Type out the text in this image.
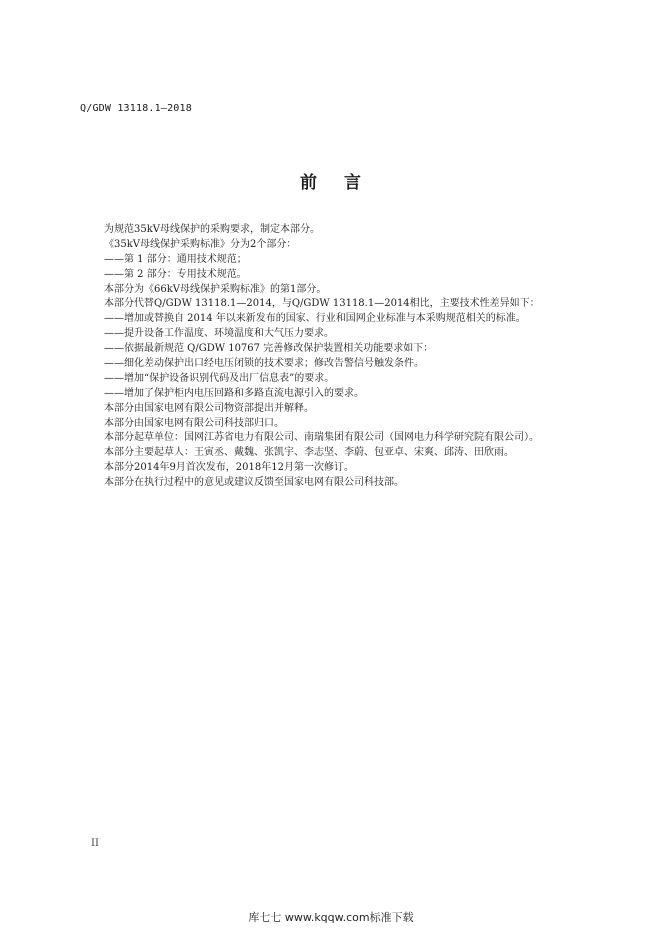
Q/GDW 13118.1—2018
前 言
为规范35kV母线保护的采购要求，制定本部分。
《35kV母线保护采购标准》分为2个部分：
——第 1 部分：通用技术规范；
——第 2 部分：专用技术规范。
本部分为《66kV母线保护采购标准》的第1部分。
本部分代替Q/GDW 13118.1—2014，与Q/GDW 13118.1—2014相比，主要技术性差异如下：
——增加或替换自 2014 年以来新发布的国家、行业和国网企业标准与本采购规范相关的标准。
——提升设备工作温度、环境温度和大气压力要求。
——依据最新规范 Q/GDW 10767 完善修改保护装置相关功能要求如下：
——细化差动保护出口经电压闭锁的技术要求；修改告警信号触发条件。
——增加“保护设备识别代码及出厂信息表”的要求。
——增加了保护柜内电压回路和多路直流电源引入的要求。
本部分由国家电网有限公司物资部提出并解释。
本部分由国家电网有限公司科技部归口。
本部分起草单位：国网江苏省电力有限公司、南瑞集团有限公司（国网电力科学研究院有限公司）。
本部分主要起草人：王寅丞、戴魏、张凯宇、李志坚、李蔚、包亚卓、宋爽、邱涛、田欣雨。
本部分2014年9月首次发布，2018年12月第一次修订。
本部分在执行过程中的意见或建议反馈至国家电网有限公司科技部。
II
库七七 www.kqqw.com标准下载
